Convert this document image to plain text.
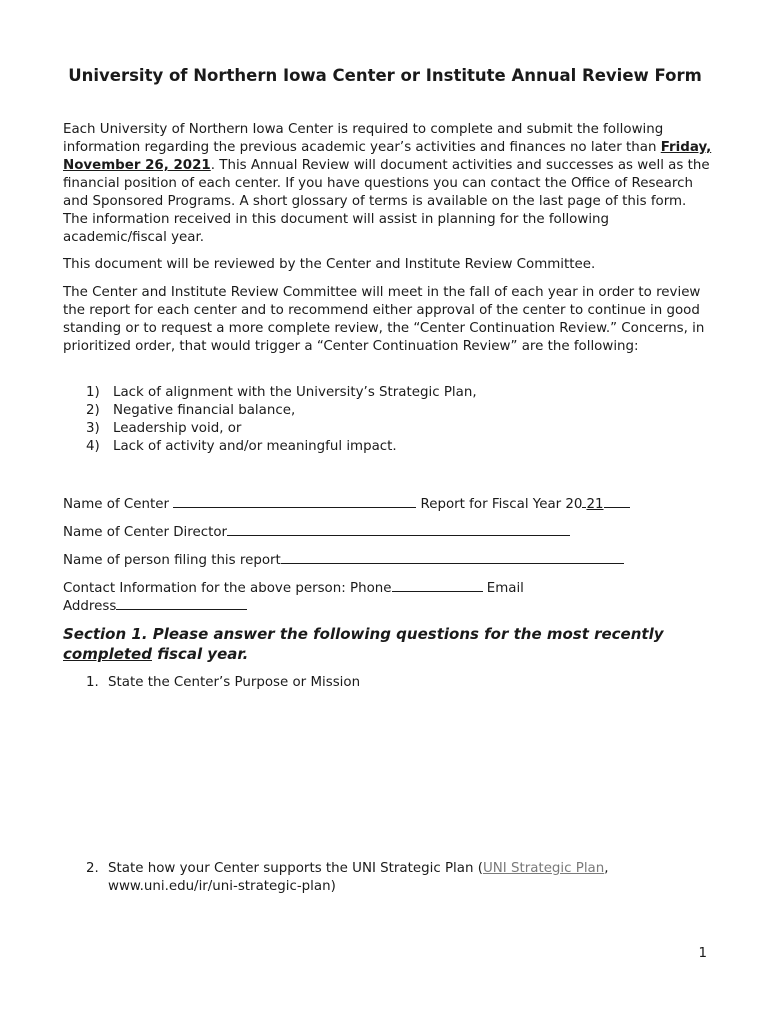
University of Northern Iowa Center or Institute Annual Review Form
Each University of Northern Iowa Center is required to complete and submit the following information regarding the previous academic year’s activities and finances no later than Friday, November 26, 2021. This Annual Review will document activities and successes as well as the financial position of each center. If you have questions you can contact the Office of Research and Sponsored Programs. A short glossary of terms is available on the last page of this form. The information received in this document will assist in planning for the following academic/fiscal year.
This document will be reviewed by the Center and Institute Review Committee.
The Center and Institute Review Committee will meet in the fall of each year in order to review the report for each center and to recommend either approval of the center to continue in good standing or to request a more complete review, the “Center Continuation Review.” Concerns, in prioritized order, that would trigger a “Center Continuation Review” are the following:
1) Lack of alignment with the University’s Strategic Plan,
2) Negative financial balance,
3) Leadership void, or
4) Lack of activity and/or meaningful impact.
Name of Center	Report for Fiscal Year 20 21
Name of Center Director
Name of person filing this report
Contact Information for the above person: Phone	Email
Address
Section 1. Please answer the following questions for the most recently completed fiscal year.
1. State the Center’s Purpose or Mission
2. State how your Center supports the UNI Strategic Plan (UNI Strategic Plan,
www.uni.edu/ir/uni-strategic-plan)
1
